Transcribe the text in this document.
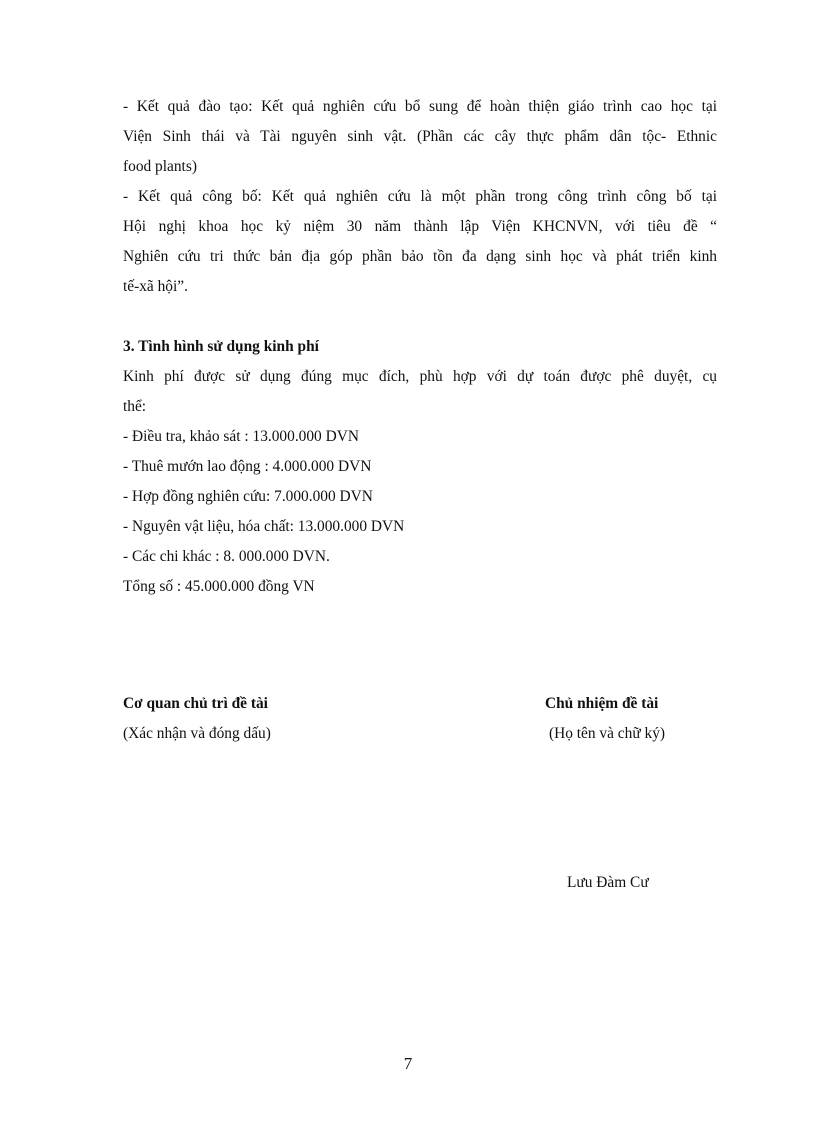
- Kết quả đào tạo: Kết quả nghiên cứu bổ sung để hoàn thiện giáo trình cao học tại
Viện Sinh thái và Tài nguyên sinh vật. (Phần các cây thực phẩm dân tộc- Ethnic
food plants)
- Kết quả công bố: Kết quả nghiên cứu là một phần trong công trình công bố tại
Hội nghị khoa học kỷ niệm 30 năm thành lập Viện KHCNVN, với tiêu đề “
Nghiên cứu tri thức bản địa góp phần bảo tồn đa dạng sinh học và phát triển kinh
tế-xã hội”.
3. Tình hình sử dụng kinh phí
Kinh phí được sử dụng đúng mục đích, phù hợp với dự toán được phê duyệt, cụ
thể:
- Điều tra, khảo sát : 13.000.000 DVN
- Thuê mướn lao động : 4.000.000 DVN
- Hợp đồng nghiên cứu: 7.000.000 DVN
- Nguyên vật liệu, hóa chất: 13.000.000 DVN
- Các chi khác : 8. 000.000 DVN.
Tổng số : 45.000.000 đồng VN
Cơ quan chủ trì đề tài
(Xác nhận và đóng dấu)
Chủ nhiệm đề tài
(Họ tên và chữ ký)
Lưu Đàm Cư
7
